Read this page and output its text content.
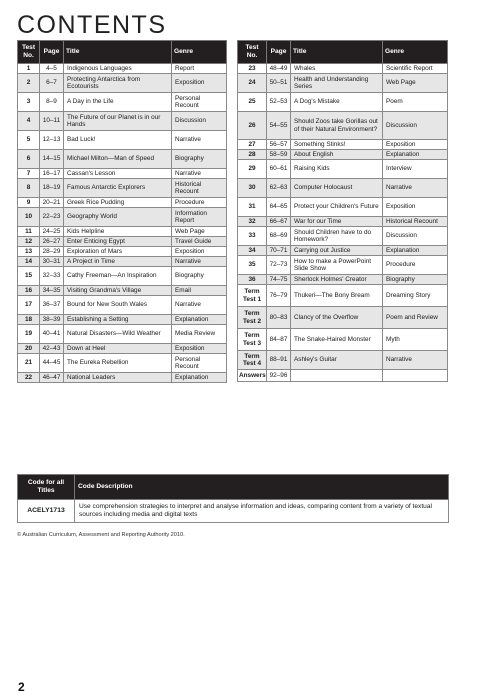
CONTENTS
Test No.	Page	Title	Genre
1	4–5	Indigenous Languages	Report
2	6–7	Protecting Antarctica from Ecotourists	Exposition
3	8–9	A Day in the Life	Personal Recount
4	10–11	The Future of our Planet is in our Hands	Discussion
5	12–13	Bad Luck!	Narrative
6	14–15	Michael Milton—Man of Speed	Biography
7	16–17	Cassan's Lesson	Narrative
8	18–19	Famous Antarctic Explorers	Historical Recount
9	20–21	Greek Rice Pudding	Procedure
10	22–23	Geography World	Information Report
11	24–25	Kids Helpline	Web Page
12	26–27	Enter Enticing Egypt	Travel Guide
13	28–29	Exploration of Mars	Exposition
14	30–31	A Project in Time	Narrative
15	32–33	Cathy Freeman—An Inspiration	Biography
16	34–35	Visiting Grandma's Village	Email
17	36–37	Bound for New South Wales	Narrative
18	38–39	Establishing a Setting	Explanation
19	40–41	Natural Disasters—Wild Weather	Media Review
20	42–43	Down at Heel	Exposition
21	44–45	The Eureka Rebellion	Personal Recount
22	46–47	National Leaders	Explanation
Test No.	Page	Title	Genre
23	48–49	Whales	Scientific Report
24	50–51	Health and Understanding Series	Web Page
25	52–53	A Dog's Mistake	Poem
26	54–55	Should Zoos take Gorillas out of their Natural Environment?	Discussion
27	56–57	Something Stinks!	Exposition
28	58–59	About English	Explanation
29	60–61	Raising Kids	Interview
30	62–63	Computer Holocaust	Narrative
31	64–65	Protect your Children's Future	Exposition
32	66–67	War for our Time	Historical Recount
33	68–69	Should Children have to do Homework?	Discussion
34	70–71	Carrying out Justice	Explanation
35	72–73	How to make a PowerPoint Slide Show	Procedure
36	74–75	Sherlock Holmes' Creator	Biography
Term Test 1	76–79	Thukeri—The Bony Bream	Dreaming Story
Term Test 2	80–83	Clancy of the Overflow	Poem and Review
Term Test 3	84–87	The Snake-Haired Monster	Myth
Term Test 4	88–91	Ashley's Guitar	Narrative
Answers	92–96		
Code for all Titles	Code Description
ACELY1713	Use comprehension strategies to interpret and analyse information and ideas, comparing content from a variety of textual sources including media and digital texts
© Australian Curriculum, Assessment and Reporting Authority 2010.
2
